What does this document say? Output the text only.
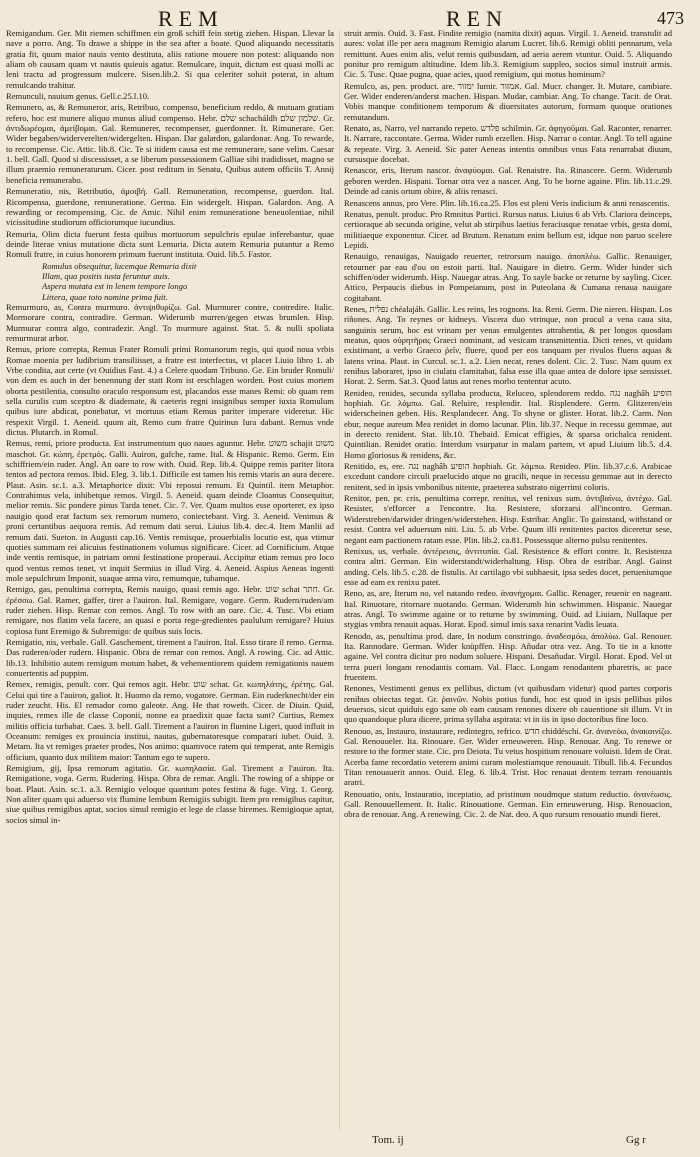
REM	REN	473

Remigandum. Ger. Mit riemen schiffmen ein groß schiff fein stetig ziehen. Hispan. Llevar la nave a porro. Ang. To drawe a shippe in the sea after a boate. Quod aliquando necessitatis gratia fit, quum maior nauis vento destituta, aliis ratione mouere non potest: aliquando non aliam ob causam quam vt nautis quieuis agatur. Remulcare, inquit, dictum est quasi molli ac leni tractu ad progressum mulcere. Sisen.lib.2. Si qua celeriter soluit poterat, in altum remulcando trahitur.

Remunculi, nauium genus. Gell.c.25.l.10.

Remunero, as, & Remuneror, aris, Retribuo, compenso, beneficium reddo, & mutuam gratiam refero, hoc est munere aliquo munus aliud compenso. Hebr. שלם schacháldh שלמון שלם. Gr. ἀντιδωρέομαι, ἀμείβομαι. Gal. Remunerer, recompenser, guerdonner. It. Rimunerare. Ger. Wider begaben/widerverelten/widergelten. Hispan. Dar galardon, galardonar. Ang. To rewarde, to recompense. Cic. Attic. lib.8. Cic. Te si itidem causa est me remunerare, sane velim. Caesar 1. bell. Gall. Quod si discessisset, a se liberum possessionem Galliae sibi tradidisset, magno se illum praemio remuneraturum. Cicer. post reditum in Senatu, Quibus autem officiis T. Annij beneficia remunerabo.

Remuneratio, nis, Retributio, ἀμοιβή. Gall. Remuneration, recompense, guerdon. Ital. Ricompensa, guerdone, remuneratione. Germa. Ein widergelt. Hispan. Galardon. Ang. A rewarding or recompensing. Cic. de Amic. Nihil enim remuneratione beneuolentiae, nihil vicissitudine studiorum officiorumque iucundius.

Remuria, Olim dicta fuerunt festa quibus mortuorum sepulchris epulae inferebantur, quae deinde literae vnius mutatione dicta sunt Lemuria. Dicta autem Remuria putantur a Remo Romuli fratre, in cuius honorem primum fuerunt instituta. Ouid. lib.5. Fastor.

Romulus obsequitur, lucemque Remuria dixit

Illam, qua positis iusta feruntur auis.

Aspera mutata est in lenem tempore longo

Littera, quae toto nomine prima fuit.

Remurmuro, as, Contra murmuro. ἀντιψιθυρίζω. Gal. Murmurer contre, contredire. Italic. Mormorare contra, contradire. German. Widerumb murren/gegen etwas brumlen. Hisp. Murmurar contra algo, contradezir. Angl. To murmure against. Stat. 5. & nulli spoliata remurmurat arbor.

Remus, priore correpta, Remus Frater Romuli primi Romanorum regis, qui quod noua vrbis Romae moenia per ludibrium transiliisset, a fratre est interfectus, vt placet Liuio libro 1. ab Vrbe condita, aut certe (vt Ouidius Fast. 4.) a Celere quodam Tribuno. Ge. Ein bruder Romuli/ von dem es auch in der benennung der statt Rom ist erschlagen worden. Post cuius mortem oborta pestilentia, consulto oraculo responsum est, placandos esse manes Remi: ob quam rem sella curulis cum sceptro & diademate, & caeteris regni insignibus semper iuxta Romulum quibus iure abdicat, ponebatur, vt mortuus etiam Remus pariter imperare videretur. Hic respexit Virgil. 1. Aeneid. quum ait, Remo cum fratre Quirinus Iura dabant. Remus vnde dictus. Plutarch. in Romul.

Remus, remi, priore producta. Est instrumentum quo naues aguntur. Hebr. משוט schajit משוט maschot. Gr. κώπη, ἐρετμός. Galli. Auiron, gafche, rame. Ital. & Hispanic. Remo. Germ. Ein schiffriem/ein ruder. Angl. An oare to row with. Ouid. Rep. lib.4. Quippe remis pariter litora tentos ad pectora remos. Ibid. Eleg. 3. lib.1. Difficile est tamen his remis vtaris an aura decere. Plaut. Asin. sc.1. a.3. Metaphorice dixit: Vbi reposui remum. Et Quintil. item Metaphor. Contrahimus vela, inhibetque remos. Virgil. 5. Aeneid. quam deinde Cloantus Consequitur, melior remis. Sic pondere pinus Tarda tenet. Cic. 7. Ver. Quam multos esse oporteret, ex ipso nauigio quod erat factum sex remorum numero, coniectebant. Virg. 3. Aeneid. Venimus & proni certantibus aequora remis. Ad remum dati serui. Liuius lib.4. dec.4. Item Manlii ad remum dati. Sueton. in Augusti cap.16. Ventis remisque, prouerbialis locutio est, qua vtimur quoties summam rei alicuius festinationem volumus significare. Cicer. ad Cornificium. Atque inde ventis remisque, in patriam omni festinatione properaui. Accipitur etiam remus pro loco quod ventus remos tenet, vt inquit Sermius in illud Virg. 4. Aeneid. Aspius Aeneas ingenti mole sepulchrum Imponit, suaque arma viro, remumque, tubamque.

Remigo, gas, penultima correpta, Remis nauigo, quasi remis ago. Hebr. שוט schat חתר. Gr. ἐρέσσω. Gal. Ramer, gaffer, tirer a l'auiron. Ital. Remigare, vogare. Germ. Rudern/ruden/am ruder ziehen. Hisp. Remar con remos. Angl. To row with an oare. Cic. 4. Tusc. Vbi etiam remigare, nos flatim vela facere, an quasi e porta rege-gredientes paululum remigare? Huius copiosa funt Eremigo & Subremigo: de quibus suis locis.

Remigatio, nis, verbale. Gall. Gaschement, tirement a l'auiron. Ital. Esso tirare il remo. Germa. Das ruderen/oder rudern. Hispanic. Obra de remar con remos. Angl. A rowing. Cic. ad Attic. lib.13. Inhibitio autem remigum motum habet, & vehementiorem quidem remigationis nauem conuertentis ad puppim.

Remex, remigis, penult. corr. Qui remos agit. Hebr. שוט schat. Gr. κωπηλάτης, ἐρέτης. Gal. Celui qui tire a l'auiron, galiot. It. Huomo da remo, vogatore. German. Ein ruderknecht/der ein ruder zeucht. His. El remador como galeote. Ang. He that roweth. Cicer. de Diuin. Quid, inquies, remex ille de classe Coponii, nonne ea praedixit quae facta sunt? Curtius, Remex militis officia turbabat. Caes. 3. bell. Gall. Tirement a l'auiron in flumine Ligeri, quod influit in Oceanum: remiges ex prouincia institui, nautas, gubernatoresque comparari iubet. Ouid. 3. Metam. Ita vt remiges praeter prodes, Nos animo: quamvoce ratem qui temperat, ante Remigis officium, quanto dux militem maior: Tantum ego te supero.

Remigium, gij, Ipsa remorum agitatio. Gr. κωπηλασία. Gal. Tirement a l'auiron. Ita. Remigatione, voga. Germ. Rudering. Hispa. Obra de remar. Angli. The rowing of a shippe or boat. Plaut. Asin. sc.1. a.3. Remigio veloque quantum potes festina & fuge. Virg. 1. Georg. Non aliter quam qui aduerso vix flumine lembum Remigiis subigit. Item pro remigibus capitur, siue quibus remigibus aptat, socios simul remigio et lege de classe biremes. Remigioque aptat, socios simul in-

struit armis. Ouid. 3. Fast. Findite remigio (namita dixit) aquas. Virgil. 1. Aeneid. transtulit ad aures: volat ille per aera magnum Remigio alarum Lucret. lib.6. Remigi obliti pennarum, vela remittunt. Aues enim alis, velut remis quibusdam, ad aeria aerem vtuntur. Ouid. 5. Aliquando ponitur pro remigum altitudine. Idem lib.3. Remigium suppleo, socios simul instruit armis. Cic. 5. Tusc. Quae pugna, quae acies, quod remigium, qui motus hominum?

Remulco, as, pen. product. are. ימזור lumir. אמזור. Gal. Mucr. changer. It. Mutare, cambiare. Ger. Wider enderen/anderst machen. Hispan. Mudar, cambiar. Ang. To change. Tacit. de Orat. Vobis manque conditionem temporum & diuersitates autorum, formam quoque orationes remutandum.

Renato, as, Narro, vel narrando repeto. פלדש schilmin. Gr. ἀφηγοῦμαι. Gal. Raconter, renarrer. It. Narrare, raccontare. Germa. Wider rumb erzellen. Hisp. Narrar o contar. Angl. To tell againe & repeate. Virg. 3. Aeneid. Sic pater Aeneas intentis omnibus vnus Fata renarrabat diuum, cursusque docebat.

Renascor, eris, Iterum nascor. ἀναφύομαι. Gal. Renaistre. Ita. Rinascere. Germ. Widerumb geboren werden. Hispani. Tornar otra vez a nascer. Ang. To be borne againe. Plin. lib.11.c.29. Deinde ad canis ortum obire, & aliis renasci.

Renascens annus, pro Vere. Plin. lib.16.ca.25. Flos est pleni Veris indicium & anni renascentis.

Renatus, penult. produc. Pro Rmnitus Partici. Rursus natus. Liuius 6 ab Vrb. Clariora deinceps, certioraque ab secunda origine, velut ab stirpibus laetius feraciusque renatae vrbis, gesta domi, militiaeque exponentur. Cicer. ad Brutum. Renatum enim bellum est, idque non paruo scelere Lepidi.

Renauigo, renauigas, Nauigado reuerter, retrorsum nauigo. ἀποπλέω. Gallic. Renauiger, retourner par eau d'ou on estoit parti. Ital. Nauigare in dietro. Germ. Wider hinder sich schiffen/oder widerumb. Hisp. Nauegar atras. Ang. To sayle backe or returne by sayling. Cicer. Attico, Perpaucis diebus in Pompeianum, post in Puteolana & Cumana renaua nauigare cogitabant.

Renes, נפלית chéalajáh. Gallic. Les reins, les rognons. Ita. Reni. Germ. Die nieren. Hispan. Los riñones. Ang. To reynes or kidneys. Viscera duo vtrinque, non procul a vena caua sita, sanguinis serum, hoc est vrinam per venas emulgentes attrahentia, & per longos quosdam meatus, quos οὐρητῆρας Graeci nominant, ad vesicam transmittentia. Dicti renes, vt quidam existimant, a verbo Graeco ῥεῖν, fluere, quod per eos tanquam per rivulos fluens aquas & latens vrina. Plaut. in Curcul. sc.1. a.2. Lien necat, renes dolent. Cic. 2. Tusc. Nam quum ex renibus laboraret, ipso in ciulatu clamitabat, falsa esse illa quae antea de dolore ipse sensisset. Horat. 2. Serm. Sat.3. Quod latus aut renes morbo tententur acuto.

Renideo, renides, secunda syllaba producta, Reluceo, splendorem reddo. נגה naghâh הופיע hophiah. Gr. λάμπω. Gal. Reluire, resplendir. Ital. Risplendere. Germ. Glitzeren/ein widerscheinen geben. His. Resplandecer. Ang. To shyne or glister. Horat. lib.2. Carm. Non ebur, neque aureum Mea renidet in domo lacunar. Plin. lib.37. Neque in recessu gemmae, aut in derecto renident. Stat. lib.10. Thebaid. Emicat effigies, & sparsa orichalca renident. Quintilian. Renidet oratio. Interdum vsurpatur in malam partem, vt apud Liuium lib.5. d.4. Homo gloriosus & renidens, &c.

Renitido, es, ere. נגה naghâh הופיע hophiah. Gr. λάμπω. Renideo. Plin. lib.37.c.6. Arabicae excedunt candore circuli praelucido atque no gracili, neque in recessu gemmae aut in derecto renitent, sed in ipsis vmbonibus nitente, praeterea substrato nigerrimi coloris.

Renitor, pen. pr. cris, penultima correpr. renitus, vel renixus sum. ἀντιβαίνω, ἀντέχω. Gal. Resister, s'efforcer a l'encontre. Ita. Resistere, sforzarsi all'incontro. German. Widerstreben/darwider dringen/widerstehen. Hisp. Estribar. Anglic. To gainstand, withstand or resist. Contra vel aduersum niti. Liu. 5. ab Vrbe. Quum illi renitentes pactos diceretur sese, negant eam pactionem ratam esse. Plin. lib.2. ca.81. Possessque alterno pulsu renitentes.

Renixus, us, verbale. ἀντέρεισις, ἀντιτυπία. Gal. Resistence & effort contre. It. Resistenza contra altri. German. Ein widerstandt/widerhaltung. Hisp. Obra de estribar. Angl. Gainst anding. Cels. lib.5. c.28. de fistulis. At cartilago vbi subhaesit, ipsa sedes docet, perueniumque esse ad eam ex renixu patet.

Reno, as, are, Iterum no, vel natando redeo. ἀνανήχομαι. Gallic. Renager, reuenir en nageant. Ital. Rinuotare, ritornare nuotando. German. Widerumb hin schwimmen. Hispanic. Nauegar atras. Angl. To swimme againe or to returne by swimming. Ouid. ad Liuiam, Nullaque per stygias vmbra renauit aquas. Horat. Epod. simul imis saxa renarint Vadis leuata.

Renodo, as, penultima prod. dare, In nodum constringo. ἀναδεσμόω, ἀπολύω. Gal. Renouer. Ita. Rannodare. German. Wider knüpffen. Hisp. Añudar otra vez. Ang. To tie in a knotte againe. Vel contra dicitur pro nodum soluere. Hispani. Desañudar. Virgil. Horat. Epod. Vel ut terra pueri longam renodantis comam. Val. Flacc. Longam renodantem pharetris, ac pace fruentem.

Renones, Vestimenti genus ex pellibus, dictum (vt quibusdam videtur) quod partes corporis renibus obiectas tegat. Gr. ῥαινῶν. Nobis potius fundi, hoc est quod in ipsis pellibus pilos deuersos, sicut quiduis ego sane ob eam causam renones dixere ob cauentione sit illum. Vt in quo quandoque plura dicere, prima syllaba aspirata: vt in iis in ipso doctoribus fine loco.

Renouo, as, Instauro, instaurare, redintegro, refrico. חדש chiddéschi. Gr. ἀνανεόω, ἀνακαινίζω. Gal. Renouueler. Ita. Rinouare. Ger. Wider erneuweren. Hisp. Renouar. Ang. To renewe or restore to the former state. Cic. pro Deiota. Tu vetus hospitium renouare voluisti. Idem de Orat. Acerba fame recordatio veterem animi curam molestiamque renouauit. Tibull. lib.4. Fecundos Titan renouauerit annos. Ouid. Eleg. 6. lib.4. Trist. Hoc renauat dentem terram renouantis aratri.

Renouatio, onis, Instauratio, inceptatio, ad pristinum noudmque statum reductio. ἀνανέωσις. Gall. Renouuellement. It. Italic. Rinouatione. German. Ein erneuwerung. Hisp. Renouacion, obra de renouar. Ang. A renewing. Cic. 2. de Nat. deo. A quo rursum renouatio mundi fieret.

Tom. ij	Gg r
